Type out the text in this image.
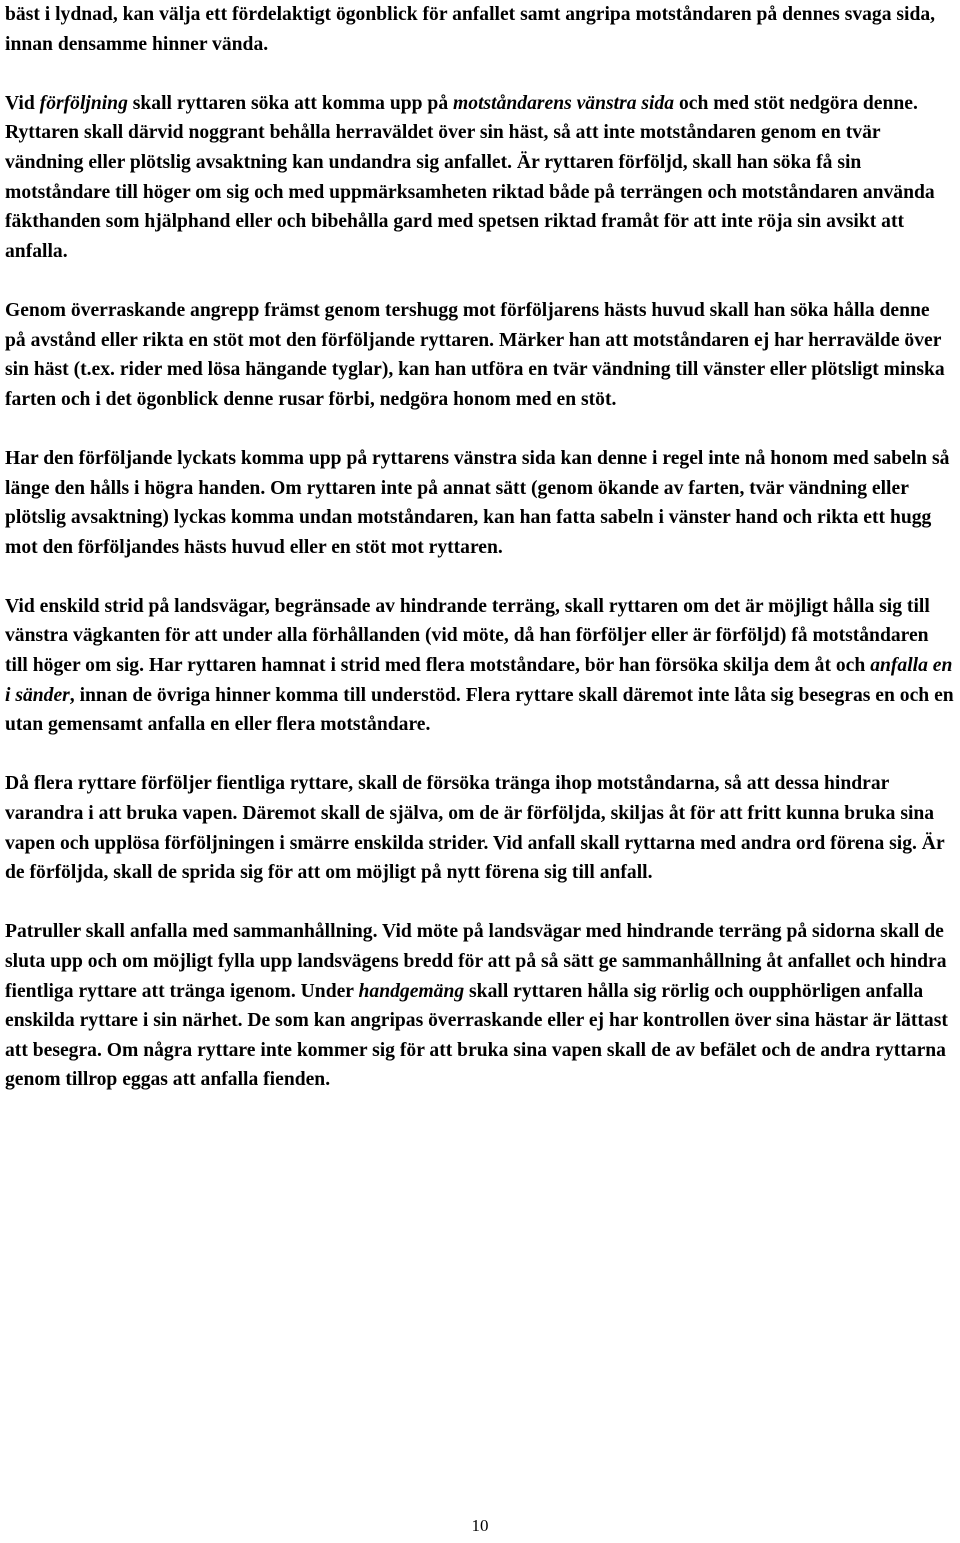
bäst i lydnad, kan välja ett fördelaktigt ögonblick för anfallet samt angripa motståndaren på dennes svaga sida, innan densamme hinner vända.

Vid förföljning skall ryttaren söka att komma upp på motståndarens vänstra sida och med stöt nedgöra denne. Ryttaren skall därvid noggrant behålla herraväldet över sin häst, så att inte motståndaren genom en tvär vändning eller plötslig avsaktning kan undandra sig anfallet. Är ryttaren förföljd, skall han söka få sin motståndare till höger om sig och med uppmärksamheten riktad både på terrängen och motståndaren använda fäkthanden som hjälphand eller och bibehålla gard med spetsen riktad framåt för att inte röja sin avsikt att anfalla.

Genom överraskande angrepp främst genom tershugg mot förföljarens hästs huvud skall han söka hålla denne på avstånd eller rikta en stöt mot den förföljande ryttaren. Märker han att motståndaren ej har herravälde över sin häst (t.ex. rider med lösa hängande tyglar), kan han utföra en tvär vändning till vänster eller plötsligt minska farten och i det ögonblick denne rusar förbi, nedgöra honom med en stöt.

Har den förföljande lyckats komma upp på ryttarens vänstra sida kan denne i regel inte nå honom med sabeln så länge den hålls i högra handen. Om ryttaren inte på annat sätt (genom ökande av farten, tvär vändning eller plötslig avsaktning) lyckas komma undan motståndaren, kan han fatta sabeln i vänster hand och rikta ett hugg mot den förföljandes hästs huvud eller en stöt mot ryttaren.

Vid enskild strid på landsvägar, begränsade av hindrande terräng, skall ryttaren om det är möjligt hålla sig till vänstra vägkanten för att under alla förhållanden (vid möte, då han förföljer eller är förföljd) få motståndaren till höger om sig. Har ryttaren hamnat i strid med flera motståndare, bör han försöka skilja dem åt och anfalla en i sänder, innan de övriga hinner komma till understöd. Flera ryttare skall däremot inte låta sig besegras en och en utan gemensamt anfalla en eller flera motståndare.

Då flera ryttare förföljer fientliga ryttare, skall de försöka tränga ihop motståndarna, så att dessa hindrar varandra i att bruka vapen. Däremot skall de själva, om de är förföljda, skiljas åt för att fritt kunna bruka sina vapen och upplösa förföljningen i smärre enskilda strider. Vid anfall skall ryttarna med andra ord förena sig. Är de förföljda, skall de sprida sig för att om möjligt på nytt förena sig till anfall.

Patruller skall anfalla med sammanhållning. Vid möte på landsvägar med hindrande terräng på sidorna skall de sluta upp och om möjligt fylla upp landsvägens bredd för att på så sätt ge sammanhållning åt anfallet och hindra fientliga ryttare att tränga igenom. Under handgemäng skall ryttaren hålla sig rörlig och oupphörligen anfalla enskilda ryttare i sin närhet. De som kan angripas överraskande eller ej har kontrollen över sina hästar är lättast att besegra. Om några ryttare inte kommer sig för att bruka sina vapen skall de av befälet och de andra ryttarna genom tillrop eggas att anfalla fienden.

10
